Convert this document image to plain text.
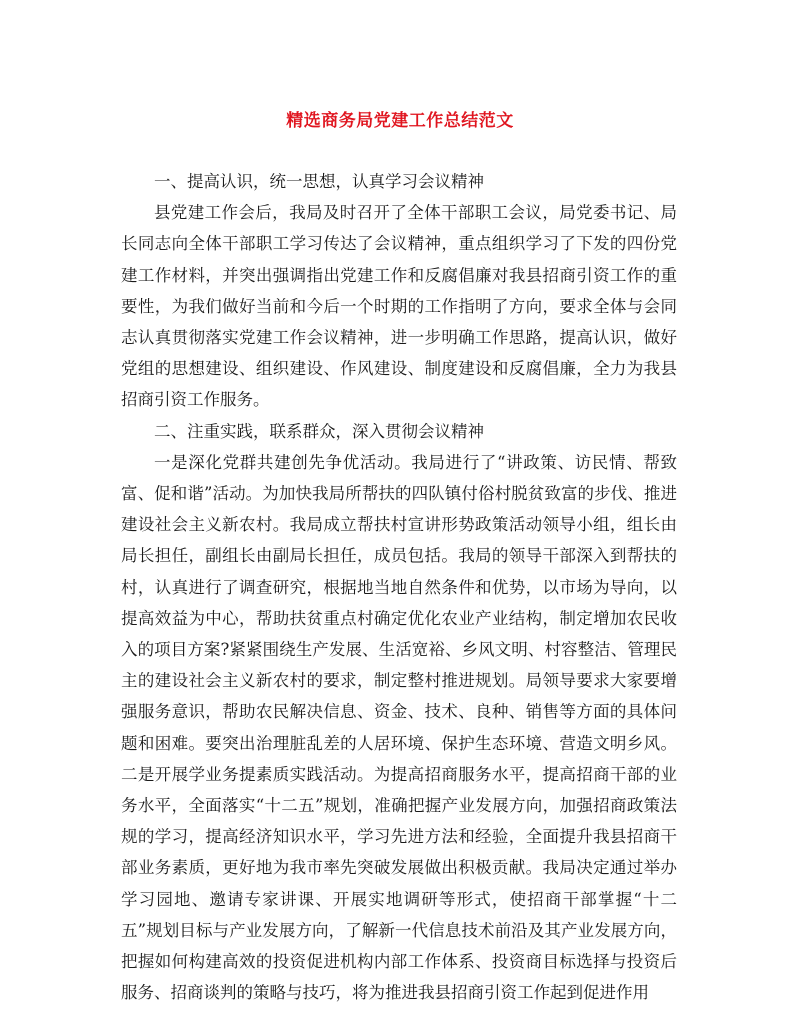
精选商务局党建工作总结范文

一、提高认识，统一思想，认真学习会议精神

县党建工作会后，我局及时召开了全体干部职工会议，局党委书记、局长同志向全体干部职工学习传达了会议精神，重点组织学习了下发的四份党建工作材料，并突出强调指出党建工作和反腐倡廉对我县招商引资工作的重要性，为我们做好当前和今后一个时期的工作指明了方向，要求全体与会同志认真贯彻落实党建工作会议精神，进一步明确工作思路，提高认识，做好党组的思想建设、组织建设、作风建设、制度建设和反腐倡廉，全力为我县招商引资工作服务。

二、注重实践，联系群众，深入贯彻会议精神

一是深化党群共建创先争优活动。我局进行了“讲政策、访民情、帮致富、促和谐”活动。为加快我局所帮扶的四队镇付俗村脱贫致富的步伐、推进建设社会主义新农村。我局成立帮扶村宣讲形势政策活动领导小组，组长由局长担任，副组长由副局长担任，成员包括。我局的领导干部深入到帮扶的村，认真进行了调查研究，根据地当地自然条件和优势，以市场为导向，以提高效益为中心，帮助扶贫重点村确定优化农业产业结构，制定增加农民收入的项目方案?紧紧围绕生产发展、生活宽裕、乡风文明、村容整洁、管理民主的建设社会主义新农村的要求，制定整村推进规划。局领导要求大家要增强服务意识，帮助农民解决信息、资金、技术、良种、销售等方面的具体问题和困难。要突出治理脏乱差的人居环境、保护生态环境、营造文明乡风。二是开展学业务提素质实践活动。为提高招商服务水平，提高招商干部的业务水平，全面落实“十二五”规划，准确把握产业发展方向，加强招商政策法规的学习，提高经济知识水平，学习先进方法和经验，全面提升我县招商干部业务素质，更好地为我市率先突破发展做出积极贡献。我局决定通过举办学习园地、邀请专家讲课、开展实地调研等形式，使招商干部掌握“十二五”规划目标与产业发展方向，了解新一代信息技术前沿及其产业发展方向，把握如何构建高效的投资促进机构内部工作体系、投资商目标选择与投资后服务、招商谈判的策略与技巧，将为推进我县招商引资工作起到促进作用
